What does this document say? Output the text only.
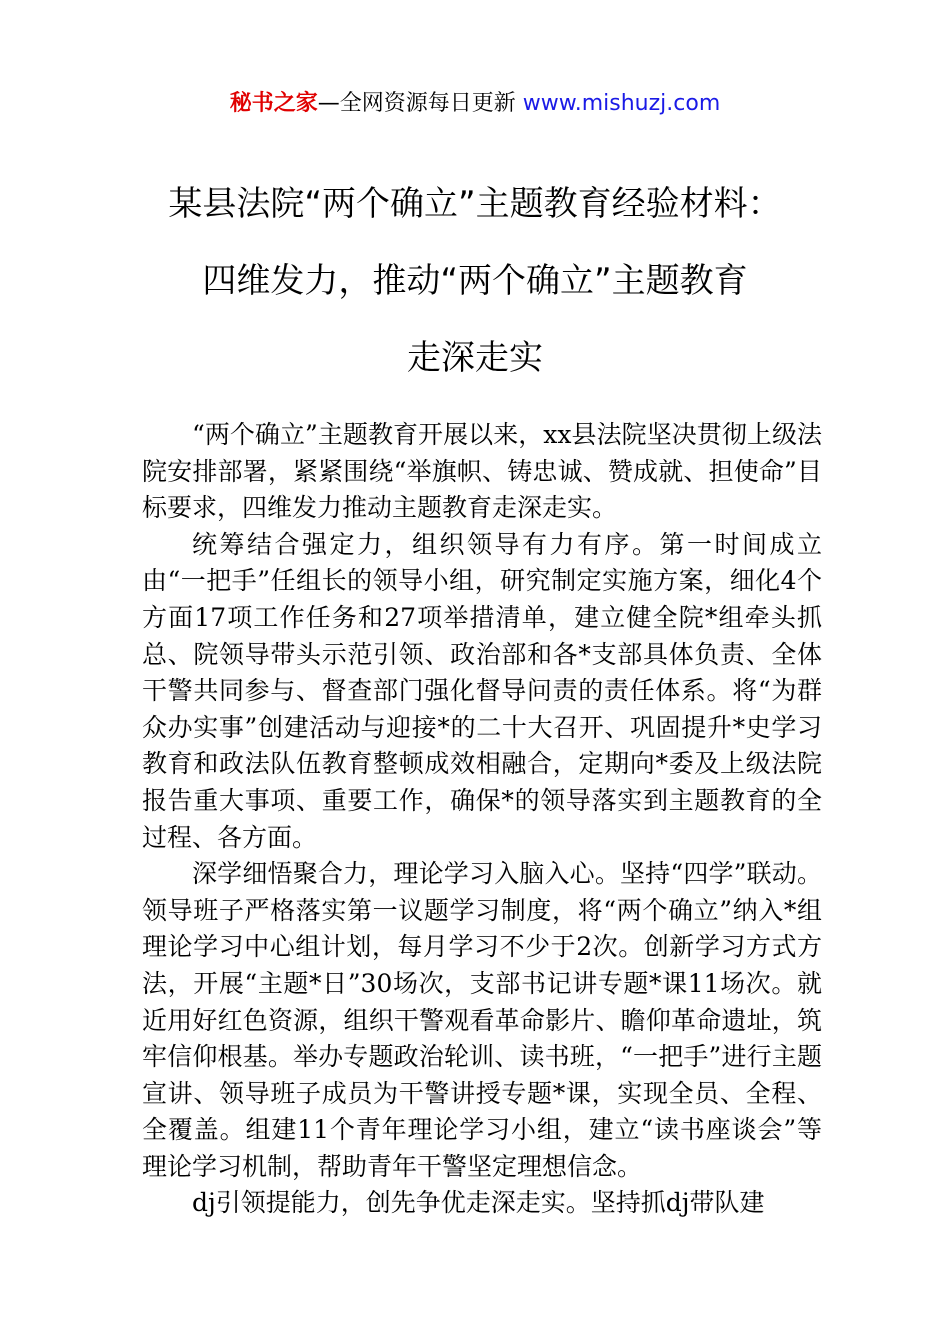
秘书之家—全网资源每日更新 www.mishuzj.com
某县法院“两个确立”主题教育经验材料：
四维发力，推动“两个确立”主题教育
走深走实

“两个确立”主题教育开展以来，xx县法院坚决贯彻上级法院安排部署，紧紧围绕“举旗帜、铸忠诚、赞成就、担使命”目标要求，四维发力推动主题教育走深走实。

统筹结合强定力，组织领导有力有序。第一时间成立由“一把手”任组长的领导小组，研究制定实施方案，细化4个方面17项工作任务和27项举措清单，建立健全院*组牵头抓总、院领导带头示范引领、政治部和各*支部具体负责、全体干警共同参与、督查部门强化督导问责的责任体系。将“为群众办实事”创建活动与迎接*的二十大召开、巩固提升*史学习教育和政法队伍教育整顿成效相融合，定期向*委及上级法院报告重大事项、重要工作，确保*的领导落实到主题教育的全过程、各方面。

深学细悟聚合力，理论学习入脑入心。坚持“四学”联动。领导班子严格落实第一议题学习制度，将“两个确立”纳入*组理论学习中心组计划，每月学习不少于2次。创新学习方式方法，开展“主题*日”30场次，支部书记讲专题*课11场次。就近用好红色资源，组织干警观看革命影片、瞻仰革命遗址，筑牢信仰根基。举办专题政治轮训、读书班，“一把手”进行主题宣讲、领导班子成员为干警讲授专题*课，实现全员、全程、全覆盖。组建11个青年理论学习小组，建立“读书座谈会”等理论学习机制，帮助青年干警坚定理想信念。

dj引领提能力，创先争优走深走实。坚持抓dj带队建
